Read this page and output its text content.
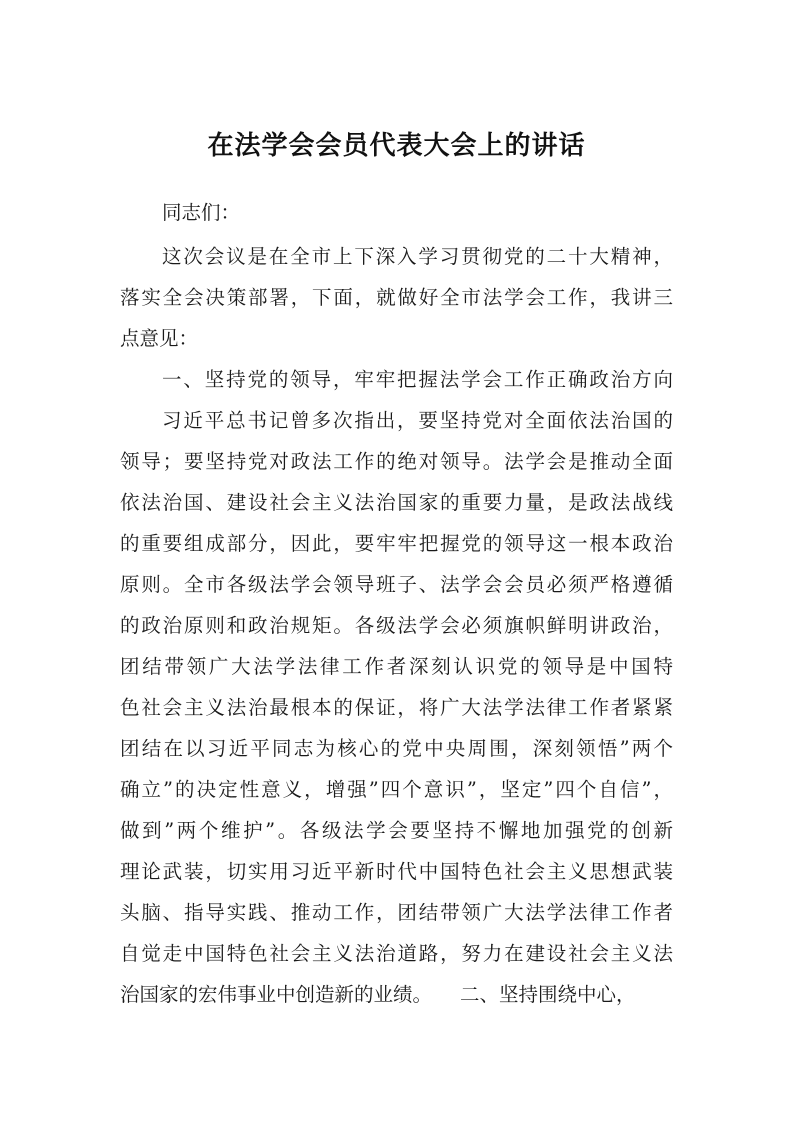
在法学会会员代表大会上的讲话

同志们：

这次会议是在全市上下深入学习贯彻党的二十大精神，

落实全会决策部署，下面，就做好全市法学会工作，我讲三

点意见：

一、坚持党的领导，牢牢把握法学会工作正确政治方向

习近平总书记曾多次指出，要坚持党对全面依法治国的

领导；要坚持党对政法工作的绝对领导。法学会是推动全面

依法治国、建设社会主义法治国家的重要力量，是政法战线

的重要组成部分，因此，要牢牢把握党的领导这一根本政治

原则。全市各级法学会领导班子、法学会会员必须严格遵循

的政治原则和政治规矩。各级法学会必须旗帜鲜明讲政治，

团结带领广大法学法律工作者深刻认识党的领导是中国特

色社会主义法治最根本的保证，将广大法学法律工作者紧紧

团结在以习近平同志为核心的党中央周围，深刻领悟”两个

确立”的决定性意义，增强”四个意识”，坚定”四个自信”，

做到”两个维护”。各级法学会要坚持不懈地加强党的创新

理论武装，切实用习近平新时代中国特色社会主义思想武装

头脑、指导实践、推动工作，团结带领广大法学法律工作者

自觉走中国特色社会主义法治道路，努力在建设社会主义法

治国家的宏伟事业中创造新的业绩。 二、坚持围绕中心，
